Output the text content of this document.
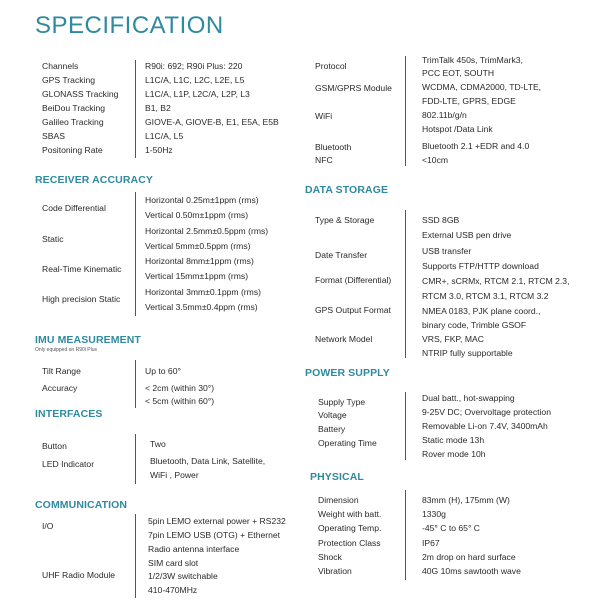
SPECIFICATION
Channels
GPS Tracking
GLONASS Tracking
BeiDou Tracking
Galileo Tracking
SBAS
Positoning Rate
R90i: 692; R90i Plus: 220
L1C/A, L1C, L2C, L2E, L5
L1C/A, L1P, L2C/A, L2P, L3
B1, B2
GIOVE-A, GIOVE-B, E1, E5A, E5B
L1C/A, L5
1-50Hz
RECEIVER ACCURACY
Code Differential
Static
Real-Time Kinematic
High precision Static
Horizontal 0.25m±1ppm (rms)
Vertical 0.50m±1ppm (rms)
Horizontal 2.5mm±0.5ppm (rms)
Vertical 5mm±0.5ppm (rms)
Horizontal 8mm±1ppm (rms)
Vertical 15mm±1ppm (rms)
Horizontal 3mm±0.1ppm (rms)
Vertical 3.5mm±0.4ppm (rms)
IMU MEASUREMENT
Only equipped on R90i Plus
Tilt Range
Accuracy
Up to 60°
< 2cm (within 30°)
< 5cm (within 60°)
INTERFACES
Button
LED Indicator
Two
Bluetooth, Data Link, Satellite,
WiFi , Power
COMMUNICATION
I/O
UHF Radio Module
5pin LEMO external power + RS232
7pin LEMO USB (OTG) + Ethernet
Radio antenna interface
SIM card slot
1/2/3W switchable
410-470MHz
Protocol
GSM/GPRS Module
WiFi
Bluetooth
NFC
TrimTalk 450s, TrimMark3,
PCC EOT, SOUTH
WCDMA, CDMA2000, TD-LTE,
FDD-LTE, GPRS, EDGE
802.11b/g/n
Hotspot /Data Link
Bluetooth 2.1 +EDR and 4.0
<10cm
DATA STORAGE
Type & Storage
Date Transfer
Format (Differential)
GPS Output Format
Network Model
SSD 8GB
External USB pen drive
USB transfer
Supports FTP/HTTP download
CMR+, sCRMx, RTCM 2.1, RTCM 2.3,
RTCM 3.0, RTCM 3.1, RTCM 3.2
NMEA 0183, PJK plane coord.,
binary code, Trimble GSOF
VRS, FKP, MAC
NTRIP fully supportable
POWER SUPPLY
Supply Type
Voltage
Battery
Operating Time
Dual batt., hot-swapping
9-25V DC; Overvoltage protection
Removable Li-on 7.4V, 3400mAh
Static mode 13h
Rover mode 10h
PHYSICAL
Dimension
Weight with batt.
Operating Temp.
Protection Class
Shock
Vibration
83mm (H), 175mm (W)
1330g
-45° C to 65° C
IP67
2m drop on hard surface
40G 10ms sawtooth wave
